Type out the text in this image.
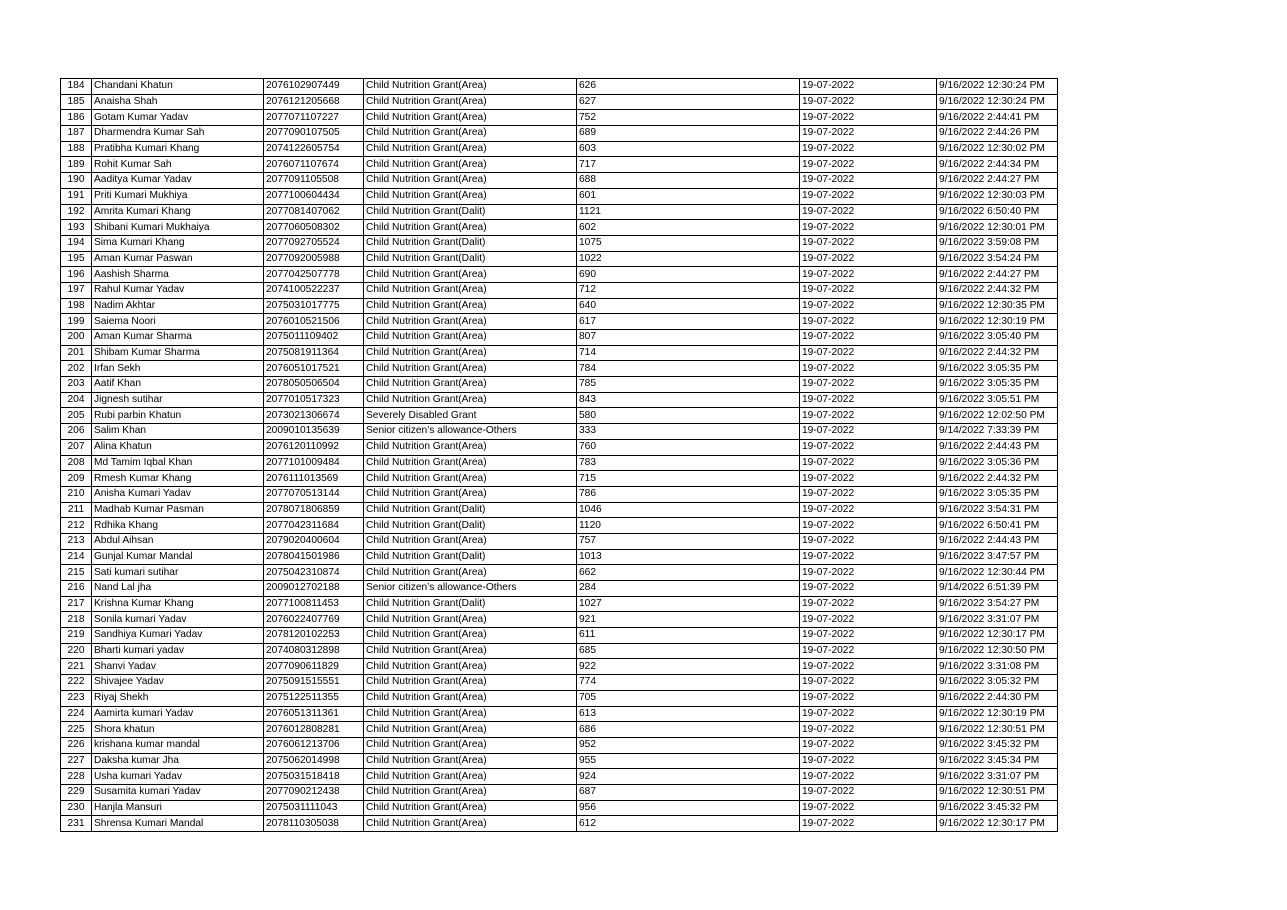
184	Chandani Khatun	2076102907449	Child Nutrition Grant(Area)	626	19-07-2022	9/16/2022 12:30:24 PM
185	Anaisha Shah	2076121205668	Child Nutrition Grant(Area)	627	19-07-2022	9/16/2022 12:30:24 PM
186	Gotam Kumar Yadav	2077071107227	Child Nutrition Grant(Area)	752	19-07-2022	9/16/2022 2:44:41 PM
187	Dharmendra Kumar Sah	2077090107505	Child Nutrition Grant(Area)	689	19-07-2022	9/16/2022 2:44:26 PM
188	Pratibha Kumari Khang	2074122605754	Child Nutrition Grant(Area)	603	19-07-2022	9/16/2022 12:30:02 PM
189	Rohit Kumar Sah	2076071107674	Child Nutrition Grant(Area)	717	19-07-2022	9/16/2022 2:44:34 PM
190	Aaditya Kumar Yadav	2077091105508	Child Nutrition Grant(Area)	688	19-07-2022	9/16/2022 2:44:27 PM
191	Priti Kumari Mukhiya	2077100604434	Child Nutrition Grant(Area)	601	19-07-2022	9/16/2022 12:30:03 PM
192	Amrita Kumari Khang	2077081407062	Child Nutrition Grant(Dalit)	1121	19-07-2022	9/16/2022 6:50:40 PM
193	Shibani Kumari Mukhaiya	2077060508302	Child Nutrition Grant(Area)	602	19-07-2022	9/16/2022 12:30:01 PM
194	Sima Kumari Khang	2077092705524	Child Nutrition Grant(Dalit)	1075	19-07-2022	9/16/2022 3:59:08 PM
195	Aman Kumar Paswan	2077092005988	Child Nutrition Grant(Dalit)	1022	19-07-2022	9/16/2022 3:54:24 PM
196	Aashish Sharma	2077042507778	Child Nutrition Grant(Area)	690	19-07-2022	9/16/2022 2:44:27 PM
197	Rahul Kumar Yadav	2074100522237	Child Nutrition Grant(Area)	712	19-07-2022	9/16/2022 2:44:32 PM
198	Nadim Akhtar	2075031017775	Child Nutrition Grant(Area)	640	19-07-2022	9/16/2022 12:30:35 PM
199	Saiema Noori	2076010521506	Child Nutrition Grant(Area)	617	19-07-2022	9/16/2022 12:30:19 PM
200	Aman Kumar Sharma	2075011109402	Child Nutrition Grant(Area)	807	19-07-2022	9/16/2022 3:05:40 PM
201	Shibam Kumar Sharma	2075081911364	Child Nutrition Grant(Area)	714	19-07-2022	9/16/2022 2:44:32 PM
202	Irfan Sekh	2076051017521	Child Nutrition Grant(Area)	784	19-07-2022	9/16/2022 3:05:35 PM
203	Aatif Khan	2078050506504	Child Nutrition Grant(Area)	785	19-07-2022	9/16/2022 3:05:35 PM
204	Jignesh sutihar	2077010517323	Child Nutrition Grant(Area)	843	19-07-2022	9/16/2022 3:05:51 PM
205	Rubi parbin Khatun	2073021306674	Severely Disabled Grant	580	19-07-2022	9/16/2022 12:02:50 PM
206	Salim Khan	2009010135639	Senior citizen’s allowance-Others	333	19-07-2022	9/14/2022 7:33:39 PM
207	Alina Khatun	2076120110992	Child Nutrition Grant(Area)	760	19-07-2022	9/16/2022 2:44:43 PM
208	Md Tamim Iqbal Khan	2077101009484	Child Nutrition Grant(Area)	783	19-07-2022	9/16/2022 3:05:36 PM
209	Rmesh Kumar Khang	2076111013569	Child Nutrition Grant(Area)	715	19-07-2022	9/16/2022 2:44:32 PM
210	Anisha Kumari Yadav	2077070513144	Child Nutrition Grant(Area)	786	19-07-2022	9/16/2022 3:05:35 PM
211	Madhab Kumar Pasman	2078071806859	Child Nutrition Grant(Dalit)	1046	19-07-2022	9/16/2022 3:54:31 PM
212	Rdhika Khang	2077042311684	Child Nutrition Grant(Dalit)	1120	19-07-2022	9/16/2022 6:50:41 PM
213	Abdul Aihsan	2079020400604	Child Nutrition Grant(Area)	757	19-07-2022	9/16/2022 2:44:43 PM
214	Gunjal Kumar Mandal	2078041501986	Child Nutrition Grant(Dalit)	1013	19-07-2022	9/16/2022 3:47:57 PM
215	Sati kumari sutihar	2075042310874	Child Nutrition Grant(Area)	662	19-07-2022	9/16/2022 12:30:44 PM
216	Nand Lal jha	2009012702188	Senior citizen’s allowance-Others	284	19-07-2022	9/14/2022 6:51:39 PM
217	Krishna Kumar Khang	2077100811453	Child Nutrition Grant(Dalit)	1027	19-07-2022	9/16/2022 3:54:27 PM
218	Sonila kumari Yadav	2076022407769	Child Nutrition Grant(Area)	921	19-07-2022	9/16/2022 3:31:07 PM
219	Sandhiya Kumari Yadav	2078120102253	Child Nutrition Grant(Area)	611	19-07-2022	9/16/2022 12:30:17 PM
220	Bharti kumari yadav	2074080312898	Child Nutrition Grant(Area)	685	19-07-2022	9/16/2022 12:30:50 PM
221	Shanvi Yadav	2077090611829	Child Nutrition Grant(Area)	922	19-07-2022	9/16/2022 3:31:08 PM
222	Shivajee Yadav	2075091515551	Child Nutrition Grant(Area)	774	19-07-2022	9/16/2022 3:05:32 PM
223	Riyaj Shekh	2075122511355	Child Nutrition Grant(Area)	705	19-07-2022	9/16/2022 2:44:30 PM
224	Aamirta kumari Yadav	2076051311361	Child Nutrition Grant(Area)	613	19-07-2022	9/16/2022 12:30:19 PM
225	Shora khatun	2076012808281	Child Nutrition Grant(Area)	686	19-07-2022	9/16/2022 12:30:51 PM
226	krishana kumar mandal	2076061213706	Child Nutrition Grant(Area)	952	19-07-2022	9/16/2022 3:45:32 PM
227	Daksha kumar Jha	2075062014998	Child Nutrition Grant(Area)	955	19-07-2022	9/16/2022 3:45:34 PM
228	Usha kumari Yadav	2075031518418	Child Nutrition Grant(Area)	924	19-07-2022	9/16/2022 3:31:07 PM
229	Susamita kumari Yadav	2077090212438	Child Nutrition Grant(Area)	687	19-07-2022	9/16/2022 12:30:51 PM
230	Hanjla Mansuri	2075031111043	Child Nutrition Grant(Area)	956	19-07-2022	9/16/2022 3:45:32 PM
231	Shrensa Kumari Mandal	2078110305038	Child Nutrition Grant(Area)	612	19-07-2022	9/16/2022 12:30:17 PM
